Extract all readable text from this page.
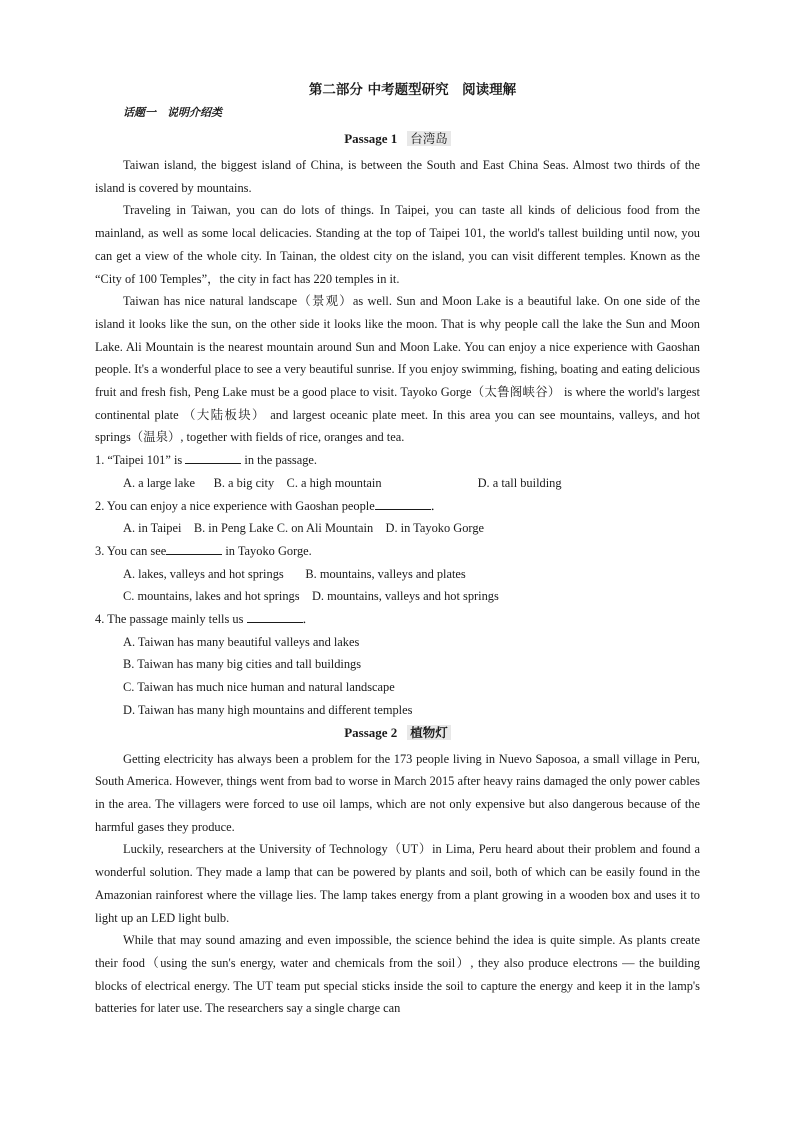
第二部分 中考题型研究　阅读理解
话题一　说明介绍类
Passage 1 台湾岛

Taiwan island, the biggest island of China, is between the South and East China Seas. Almost two thirds of the island is covered by mountains.

Traveling in Taiwan, you can do lots of things. In Taipei, you can taste all kinds of delicious food from the mainland, as well as some local delicacies. Standing at the top of Taipei 101, the world's tallest building until now, you can get a view of the whole city. In Tainan, the oldest city on the island, you can visit different temples. Known as the “City of 100 Temples”，the city in fact has 220 temples in it.

Taiwan has nice natural landscape（景观）as well. Sun and Moon Lake is a beautiful lake. On one side of the island it looks like the sun, on the other side it looks like the moon. That is why people call the lake the Sun and Moon Lake. Ali Mountain is the nearest mountain around Sun and Moon Lake. You can enjoy a nice experience with Gaoshan people. It's a wonderful place to see a very beautiful sunrise. If you enjoy swimming, fishing, boating and eating delicious fruit and fresh fish, Peng Lake must be a good place to visit. Tayoko Gorge（太鲁阁峡谷） is where the world's largest continental plate （大陆板块） and largest oceanic plate meet. In this area you can see mountains, valleys, and hot springs（温泉）, together with fields of rice, oranges and tea.

1. “Taipei 101” is	in the passage.
A. a large lake      B. a big city    C. a high mountain                               D. a tall building
2. You can enjoy a nice experience with Gaoshan people	．
A. in Taipei    B. in Peng Lake C. on Ali Mountain    D. in Tayoko Gorge
3. You can see	in Tayoko Gorge.
A. lakes, valleys and hot springs       B. mountains, valleys and plates
C. mountains, lakes and hot springs    D. mountains, valleys and hot springs
4. The passage mainly tells us	．
A. Taiwan has many beautiful valleys and lakes
B. Taiwan has many big cities and tall buildings
C. Taiwan has much nice human and natural landscape
D. Taiwan has many high mountains and different temples
Passage 2 植物灯

Getting electricity has always been a problem for the 173 people living in Nuevo Saposoa, a small village in Peru, South America. However, things went from bad to worse in March 2015 after heavy rains damaged the only power cables in the area. The villagers were forced to use oil lamps, which are not only expensive but also dangerous because of the harmful gases they produce.

Luckily, researchers at the University of Technology（UT）in Lima, Peru heard about their problem and found a wonderful solution. They made a lamp that can be powered by plants and soil, both of which can be easily found in the Amazonian rainforest where the village lies. The lamp takes energy from a plant growing in a wooden box and uses it to light up an LED light bulb.

While that may sound amazing and even impossible, the science behind the idea is quite simple. As plants create their food（using the sun's energy, water and chemicals from the soil）, they also produce electrons — the building blocks of electrical energy. The UT team put special sticks inside the soil to capture the energy and keep it in the lamp's batteries for later use. The researchers say a single charge can
